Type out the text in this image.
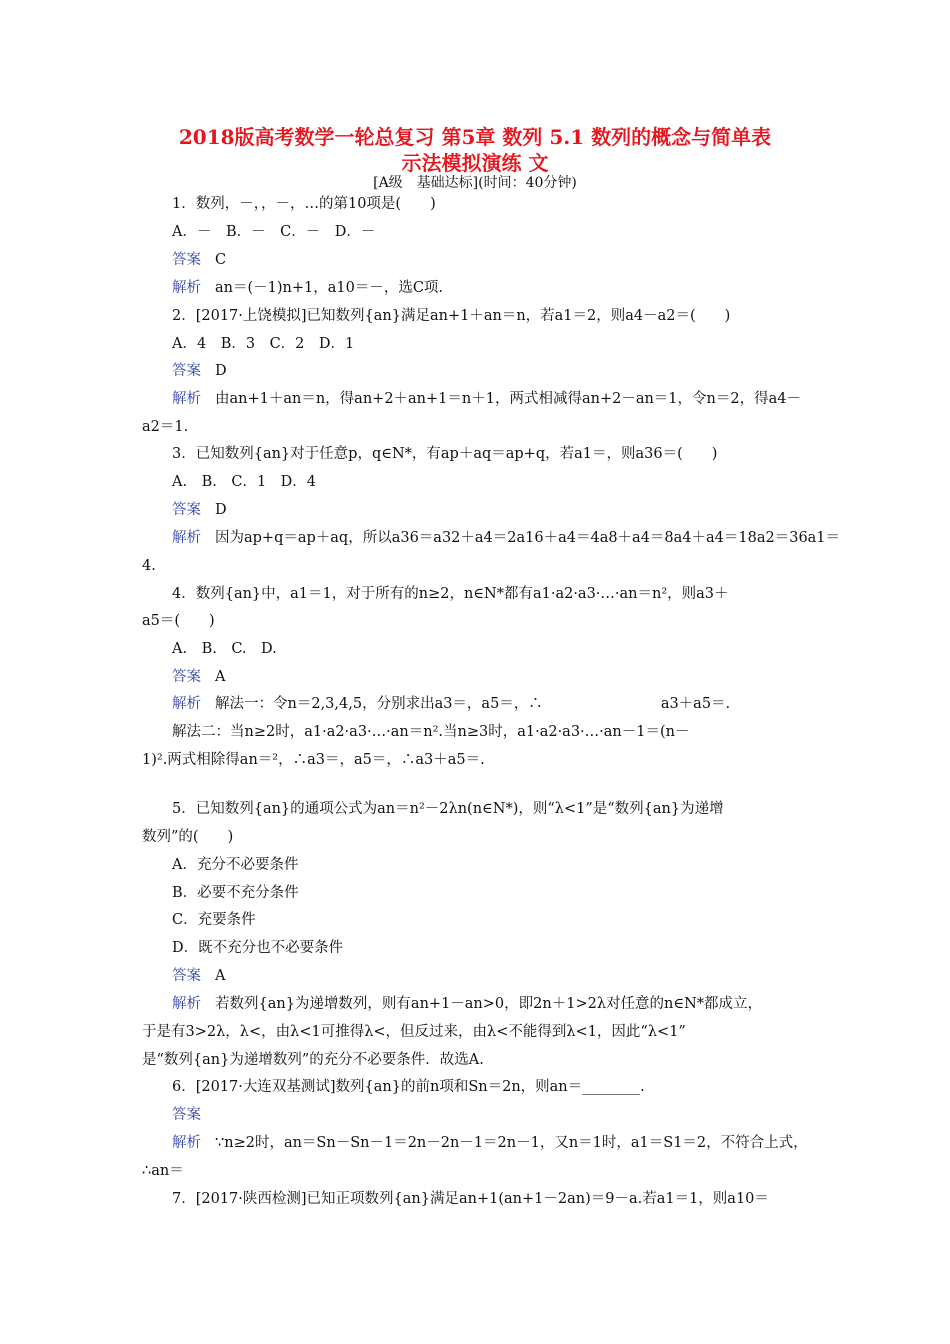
2018版高考数学一轮总复习 第5章 数列 5.1 数列的概念与简单表
示法模拟演练 文
[A级　基础达标](时间：40分钟)
1．数列，－，，－，…的第10项是(　　)
A．－　B．－　C．－　D．－
答案 C
解析 an＝(－1)n+1，a10＝－，选C项.
2．[2017·上饶模拟]已知数列{an}满足an+1＋an＝n，若a1＝2，则a4－a2＝(　　)
A．4　B．3　C．2　D．1
答案 D
解析 由an+1＋an＝n，得an+2＋an+1＝n＋1，两式相减得an+2－an＝1，令n＝2，得a4－
a2＝1.
3．已知数列{an}对于任意p，q∈N*，有ap＋aq＝ap+q，若a1＝，则a36＝(　　)
A.　B.　C．1　D．4
答案 D
解析 因为ap+q＝ap＋aq，所以a36＝a32＋a4＝2a16＋a4＝4a8＋a4＝8a4＋a4＝18a2＝36a1＝
4.
4．数列{an}中，a1＝1，对于所有的n≥2，n∈N*都有a1·a2·a3·…·an＝n²，则a3＋
a5＝(　　)
A.　B.　C.　D.
答案 A
解析 解法一：令n＝2,3,4,5，分别求出a3＝，a5＝，∴	a3＋a5＝.
解法二：当n≥2时，a1·a2·a3·…·an＝n².当n≥3时，a1·a2·a3·…·an－1＝(n－
1)².两式相除得an＝²，∴a3＝，a5＝，∴a3＋a5＝.
5．已知数列{an}的通项公式为an＝n²－2λn(n∈N*)，则“λ<1”是“数列{an}为递增
数列”的(　　)
A．充分不必要条件
B．必要不充分条件
C．充要条件
D．既不充分也不必要条件
答案 A
解析 若数列{an}为递增数列，则有an+1－an>0，即2n＋1>2λ对任意的n∈N*都成立，
于是有3>2λ，λ<，由λ<1可推得λ<，但反过来，由λ<不能得到λ<1，因此“λ<1”
是“数列{an}为递增数列”的充分不必要条件．故选A.
6．[2017·大连双基测试]数列{an}的前n项和Sn＝2n，则an＝________.
答案
解析 ∵n≥2时，an＝Sn－Sn－1＝2n－2n－1＝2n－1，又n＝1时，a1＝S1＝2，不符合上式，
∴an＝
7．[2017·陕西检测]已知正项数列{an}满足an+1(an+1－2an)＝9－a.若a1＝1，则a10＝
